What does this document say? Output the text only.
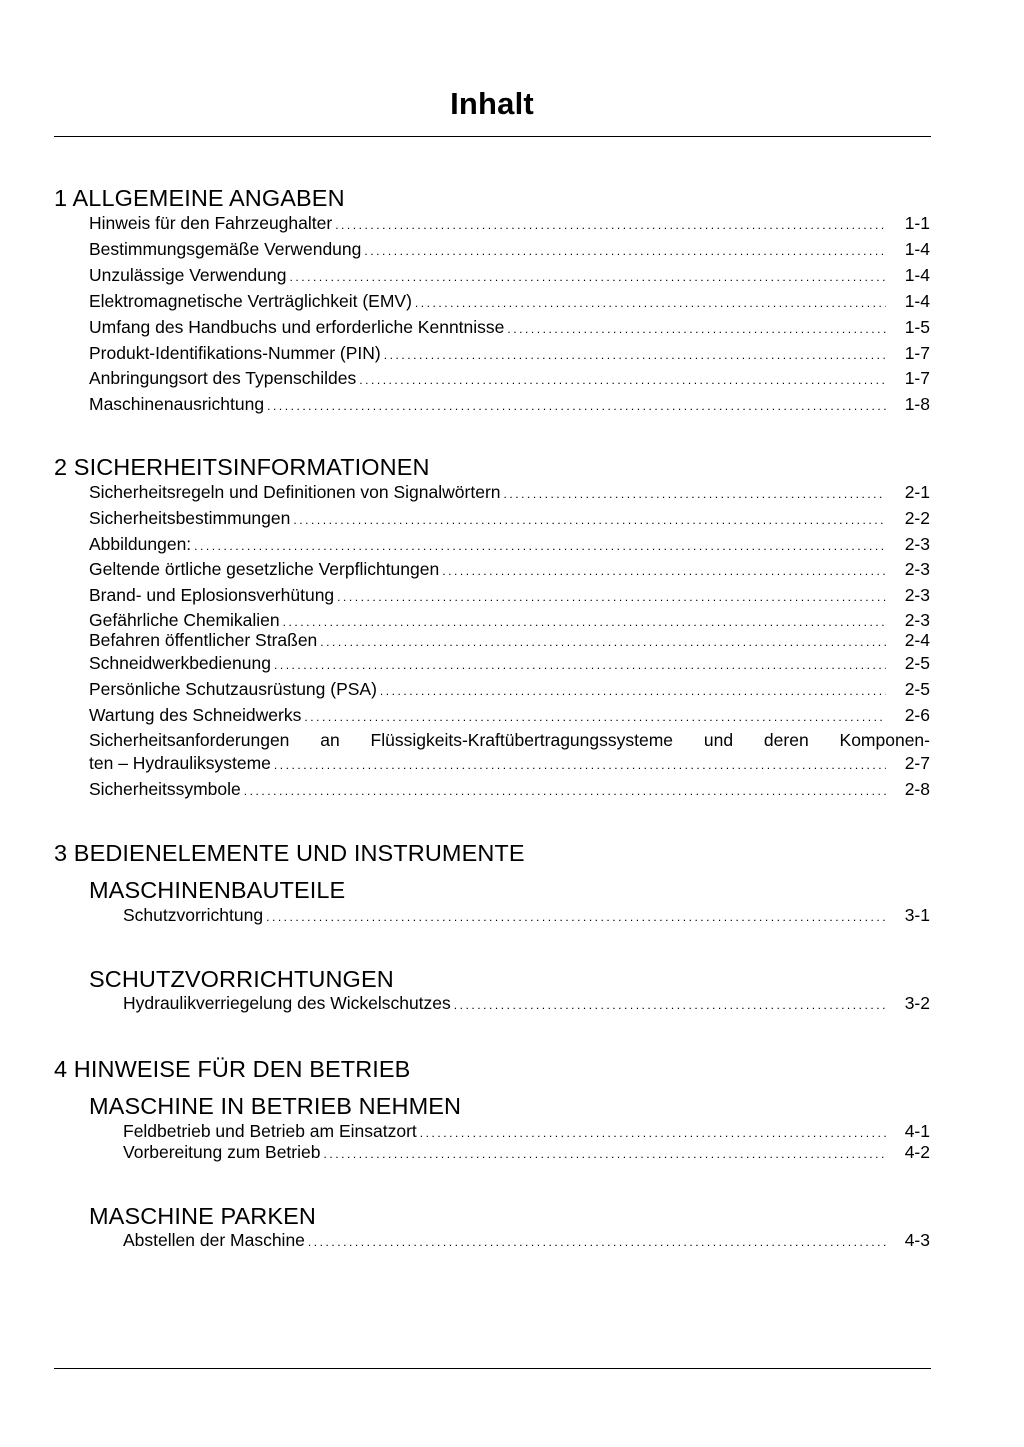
Inhalt
1 ALLGEMEINE ANGABEN
Hinweis für den Fahrzeughalter . . .	1-1
Bestimmungsgemäße Verwendung . . .	1-4
Unzulässige Verwendung . . .	1-4
Elektromagnetische Verträglichkeit (EMV) . . .	1-4
Umfang des Handbuchs und erforderliche Kenntnisse . . .	1-5
Produkt-Identifikations-Nummer (PIN) . . .	1-7
Anbringungsort des Typenschildes . . .	1-7
Maschinenausrichtung . . .	1-8
2 SICHERHEITSINFORMATIONEN
Sicherheitsregeln und Definitionen von Signalwörtern . . .	2-1
Sicherheitsbestimmungen . . .	2-2
Abbildungen: . . .	2-3
Geltende örtliche gesetzliche Verpflichtungen . . .	2-3
Brand- und Eplosionsverhütung . . .	2-3
Gefährliche Chemikalien . . .	2-3
Befahren öffentlicher Straßen . . .	2-4
Schneidwerkbedienung . . .	2-5
Persönliche Schutzausrüstung (PSA) . . .	2-5
Wartung des Schneidwerks . . .	2-6
Sicherheitsanforderungen an Flüssigkeits-Kraftübertragungssysteme und deren Komponen-
ten – Hydrauliksysteme . . .	2-7
Sicherheitssymbole . . .	2-8
3 BEDIENELEMENTE UND INSTRUMENTE
MASCHINENBAUTEILE
Schutzvorrichtung . . .	3-1
SCHUTZVORRICHTUNGEN
Hydraulikverriegelung des Wickelschutzes . . .	3-2
4 HINWEISE FÜR DEN BETRIEB
MASCHINE IN BETRIEB NEHMEN
Feldbetrieb und Betrieb am Einsatzort . . .	4-1
Vorbereitung zum Betrieb . . .	4-2
MASCHINE PARKEN
Abstellen der Maschine . . .	4-3
